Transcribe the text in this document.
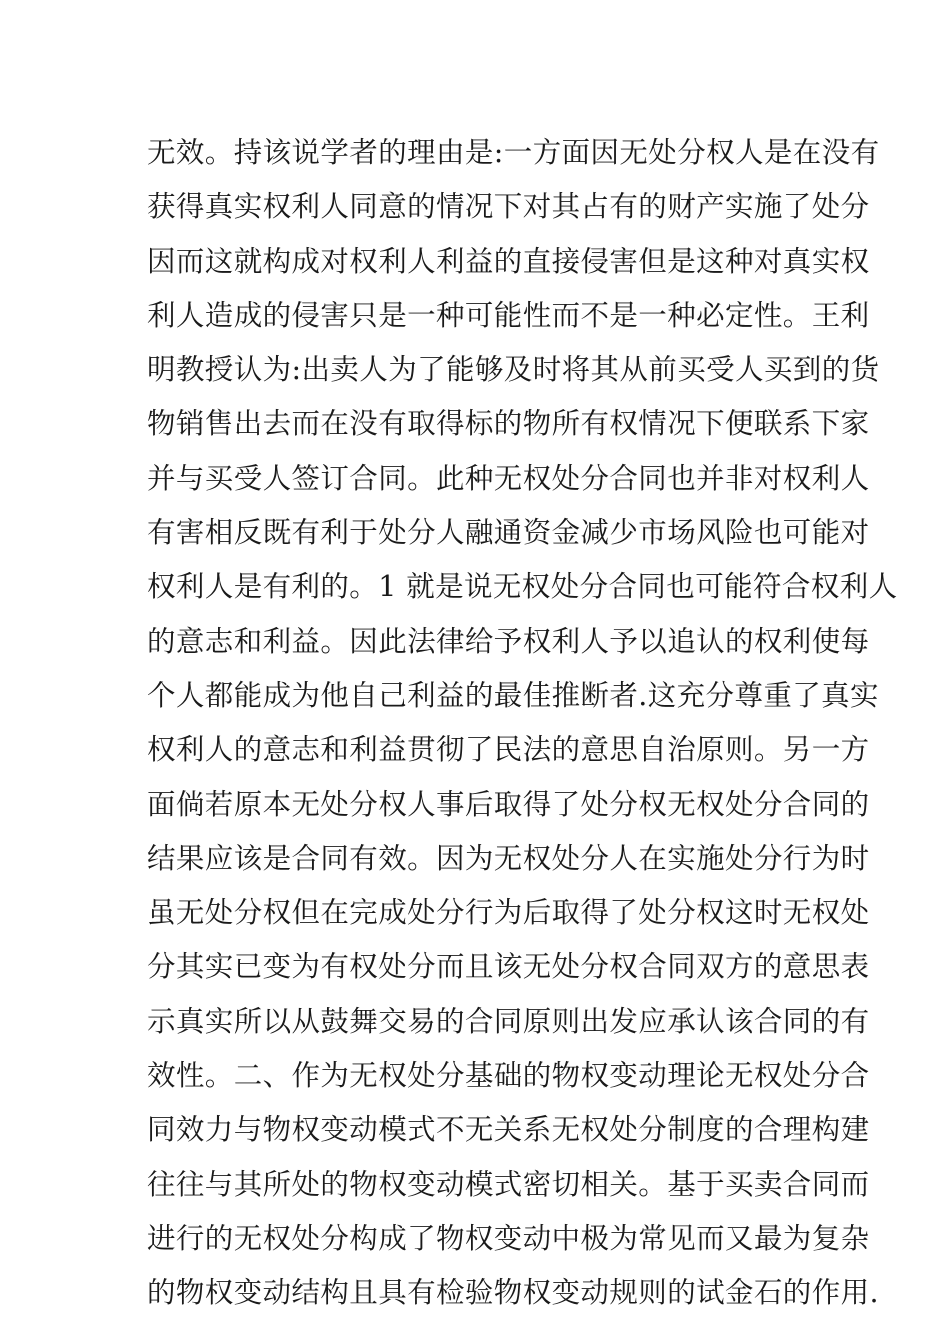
无效。持该说学者的理由是:一方面因无处分权人是在没有
获得真实权利人同意的情况下对其占有的财产实施了处分
因而这就构成对权利人利益的直接侵害但是这种对真实权
利人造成的侵害只是一种可能性而不是一种必定性。王利
明教授认为:出卖人为了能够及时将其从前买受人买到的货
物销售出去而在没有取得标的物所有权情况下便联系下家
并与买受人签订合同。此种无权处分合同也并非对权利人
有害相反既有利于处分人融通资金减少市场风险也可能对
权利人是有利的。1 就是说无权处分合同也可能符合权利人
的意志和利益。因此法律给予权利人予以追认的权利使每
个人都能成为他自己利益的最佳推断者.这充分尊重了真实
权利人的意志和利益贯彻了民法的意思自治原则。另一方
面倘若原本无处分权人事后取得了处分权无权处分合同的
结果应该是合同有效。因为无权处分人在实施处分行为时
虽无处分权但在完成处分行为后取得了处分权这时无权处
分其实已变为有权处分而且该无处分权合同双方的意思表
示真实所以从鼓舞交易的合同原则出发应承认该合同的有
效性。二、作为无权处分基础的物权变动理论无权处分合
同效力与物权变动模式不无关系无权处分制度的合理构建
往往与其所处的物权变动模式密切相关。基于买卖合同而
进行的无权处分构成了物权变动中极为常见而又最为复杂
的物权变动结构且具有检验物权变动规则的试金石的作用.
